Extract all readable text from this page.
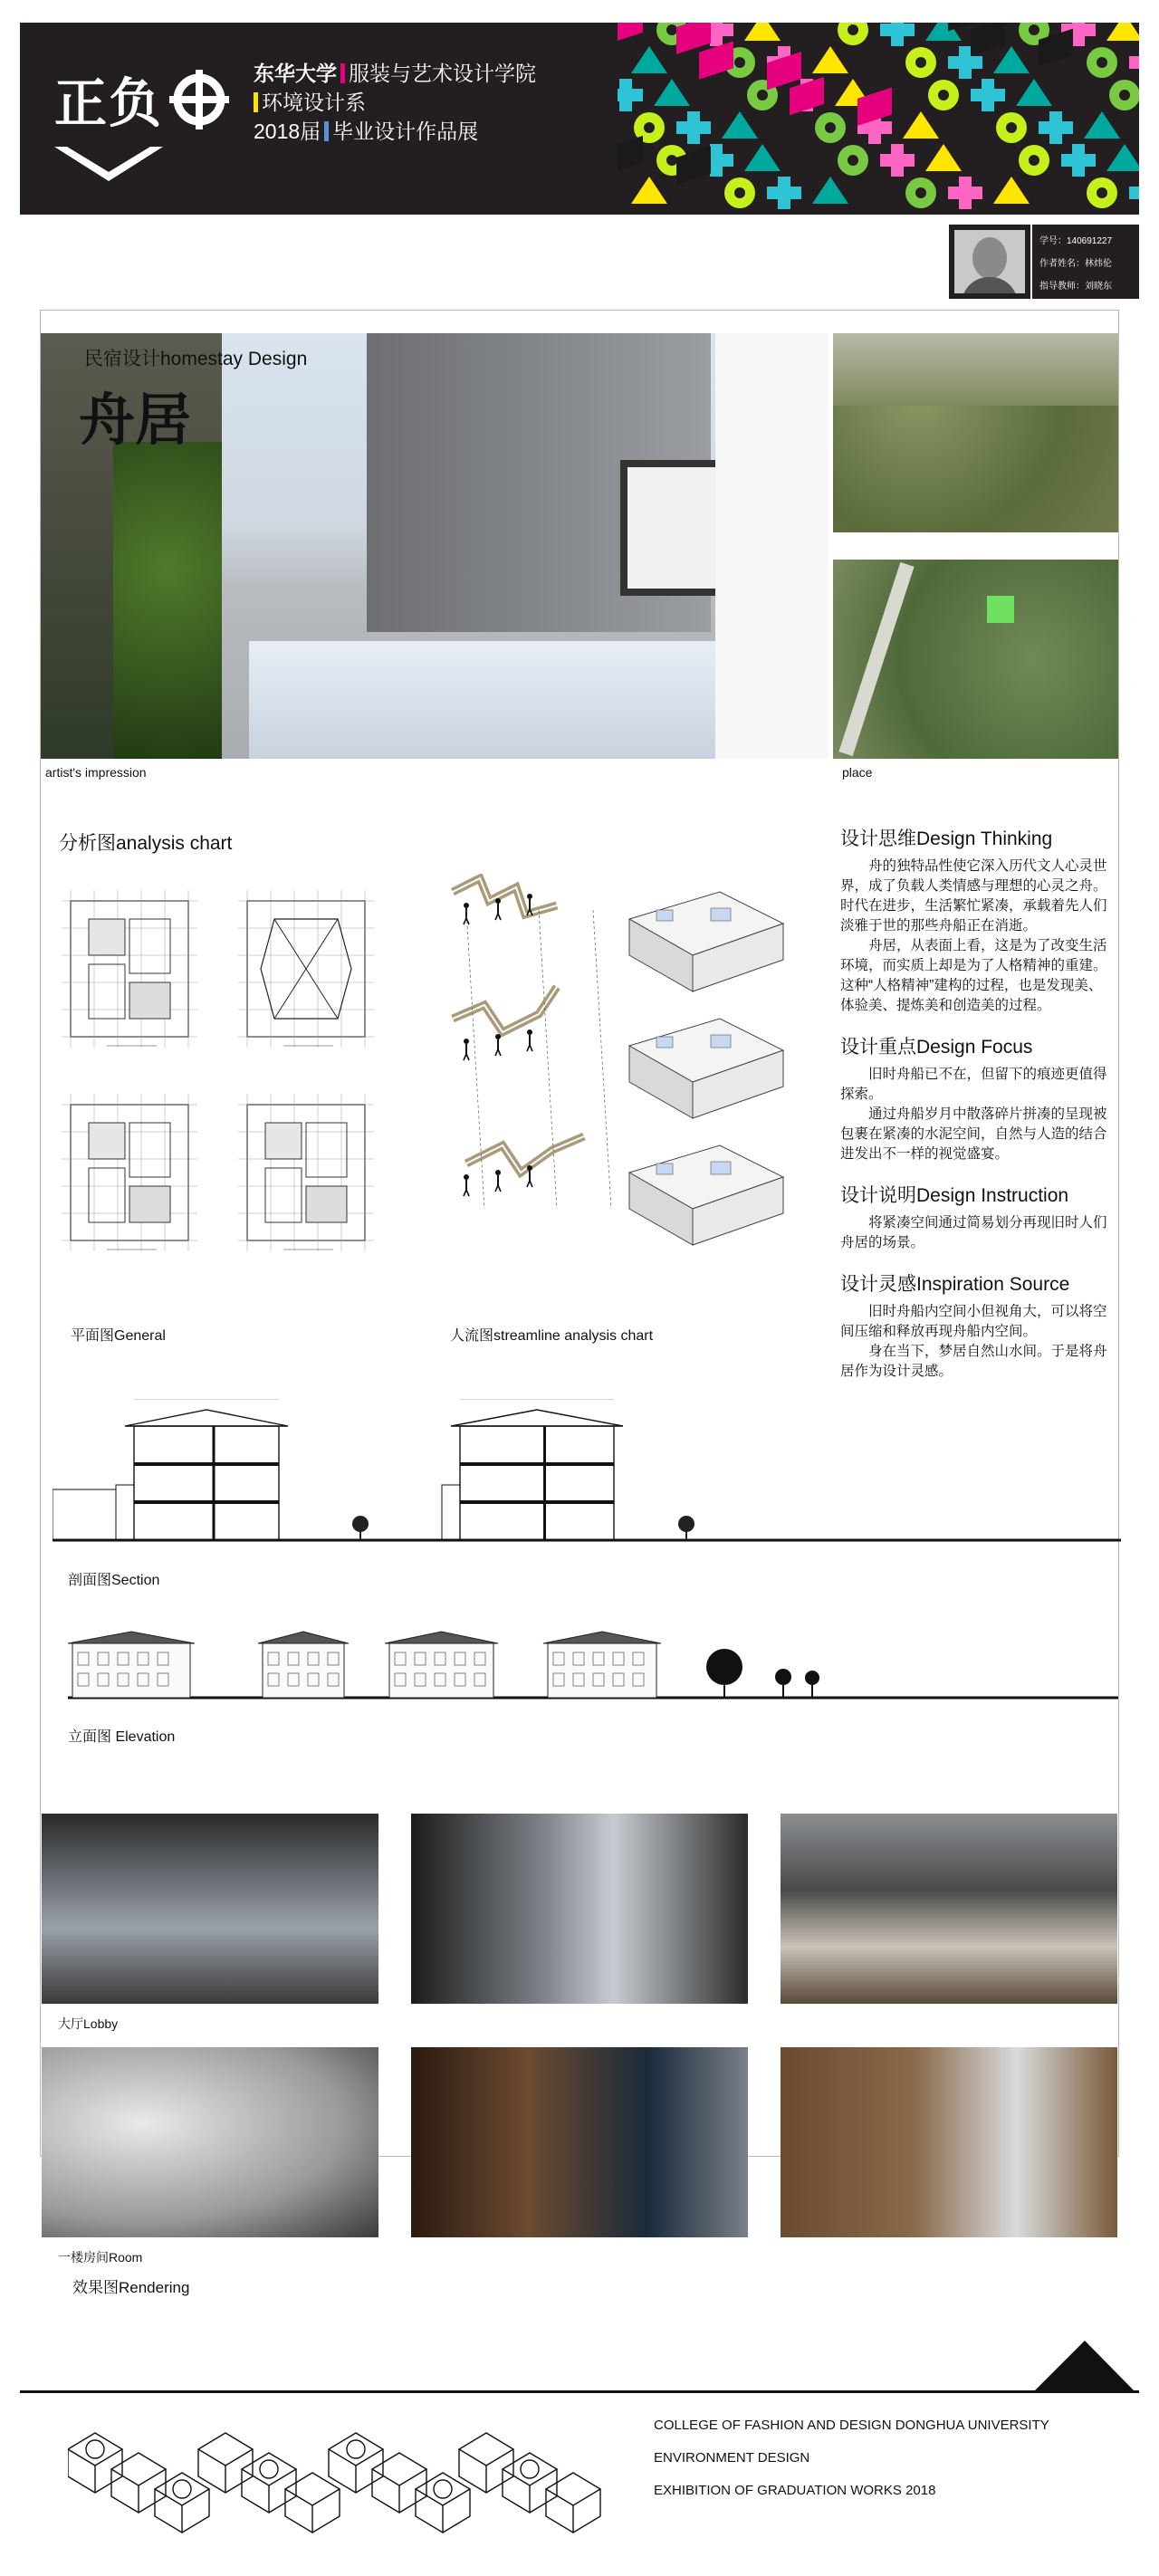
正负
东华大学 服装与艺术设计学院
环境设计系
2018届 毕业设计作品展
学号：140691227
作者姓名：林炜伦
指导教师：刘晓东
民宿设计homestay Design
舟居
artist's impression	place
分析图analysis chart
平面图General	人流图streamline analysis chart
设计思维Design Thinking
舟的独特品性使它深入历代文人心灵世界，成了负载人类情感与理想的心灵之舟。时代在进步，生活繁忙紧凑，承载着先人们淡雅于世的那些舟船正在消逝。
舟居，从表面上看，这是为了改变生活环境，而实质上却是为了人格精神的重建。这种“人格精神”建构的过程，也是发现美、体验美、提炼美和创造美的过程。
设计重点Design Focus
旧时舟船已不在，但留下的痕迹更值得探索。
通过舟船岁月中散落碎片拼凑的呈现被包裹在紧凑的水泥空间，自然与人造的结合进发出不一样的视觉盛宴。
设计说明Design Instruction
将紧凑空间通过简易划分再现旧时人们舟居的场景。
设计灵感Inspiration Source
旧时舟船内空间小但视角大，可以将空间压缩和释放再现舟船内空间。
身在当下，梦居自然山水间。于是将舟居作为设计灵感。
剖面图Section
立面图 Elevation
大厅Lobby
一楼房间Room
效果图Rendering
COLLEGE OF FASHION AND DESIGN DONGHUA UNIVERSITY
ENVIRONMENT DESIGN
EXHIBITION OF GRADUATION WORKS 2018
